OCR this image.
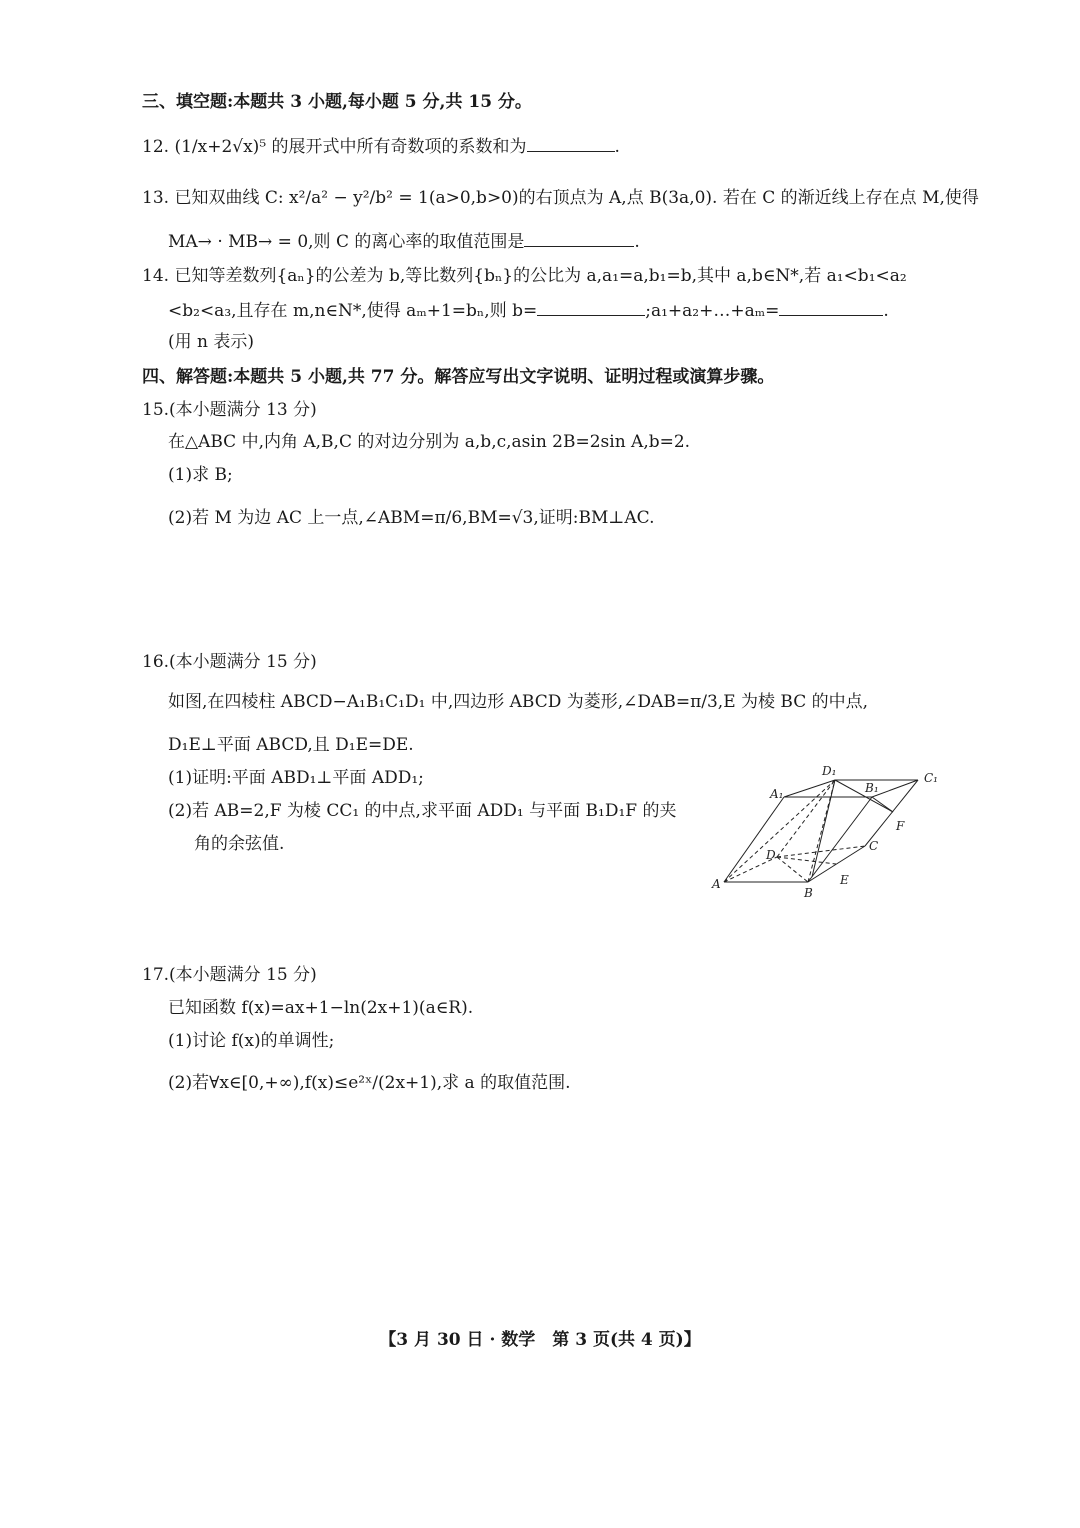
三、填空题:本题共 3 小题,每小题 5 分,共 15 分。
12. (1/x+2√x)⁵ 的展开式中所有奇数项的系数和为	.
13. 已知双曲线 C: x²/a² − y²/b² = 1(a>0,b>0)的右顶点为 A,点 B(3a,0). 若在 C 的渐近线上存在点 M,使得
MA→ · MB→ = 0,则 C 的离心率的取值范围是	.
14. 已知等差数列{aₙ}的公差为 b,等比数列{bₙ}的公比为 a,a₁=a,b₁=b,其中 a,b∈N*,若 a₁<b₁<a₂
<b₂<a₃,且存在 m,n∈N*,使得 aₘ+1=bₙ,则 b=	;a₁+a₂+…+aₘ=	.
(用 n 表示)
四、解答题:本题共 5 小题,共 77 分。解答应写出文字说明、证明过程或演算步骤。
15.(本小题满分 13 分)
在△ABC 中,内角 A,B,C 的对边分别为 a,b,c,asin 2B=2sin A,b=2.
(1)求 B;
(2)若 M 为边 AC 上一点,∠ABM=π/6,BM=√3,证明:BM⊥AC.
16.(本小题满分 15 分)
如图,在四棱柱 ABCD−A₁B₁C₁D₁ 中,四边形 ABCD 为菱形,∠DAB=π/3,E 为棱 BC 的中点,
D₁E⊥平面 ABCD,且 D₁E=DE.
(1)证明:平面 ABD₁⊥平面 ADD₁;
(2)若 AB=2,F 为棱 CC₁ 的中点,求平面 ADD₁ 与平面 B₁D₁F 的夹
角的余弦值.
A
B
C
D
E
F
A₁	B₁
C₁
D₁
17.(本小题满分 15 分)
已知函数 f(x)=ax+1−ln(2x+1)(a∈R).
(1)讨论 f(x)的单调性;
(2)若∀x∈[0,+∞),f(x)≤e²ˣ/(2x+1),求 a 的取值范围.
【3 月 30 日 · 数学　第 3 页(共 4 页)】
